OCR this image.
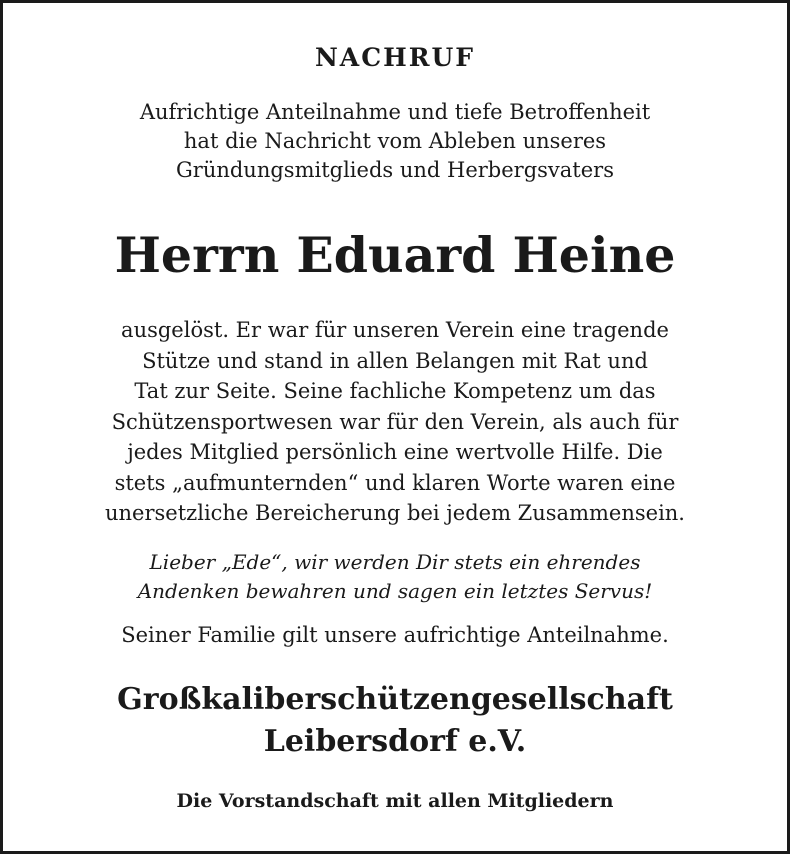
NACHRUF
Aufrichtige Anteilnahme und tiefe Betroffenheit
hat die Nachricht vom Ableben unseres
Gründungsmitglieds und Herbergsvaters
Herrn Eduard Heine
ausgelöst. Er war für unseren Verein eine tragende
Stütze und stand in allen Belangen mit Rat und
Tat zur Seite. Seine fachliche Kompetenz um das
Schützensportwesen war für den Verein, als auch für
jedes Mitglied persönlich eine wertvolle Hilfe. Die
stets „aufmunternden“ und klaren Worte waren eine
unersetzliche Bereicherung bei jedem Zusammensein.
Lieber „Ede“, wir werden Dir stets ein ehrendes
Andenken bewahren und sagen ein letztes Servus!
Seiner Familie gilt unsere aufrichtige Anteilnahme.
Großkaliberschützengesellschaft
Leibersdorf e.V.
Die Vorstandschaft mit allen Mitgliedern
